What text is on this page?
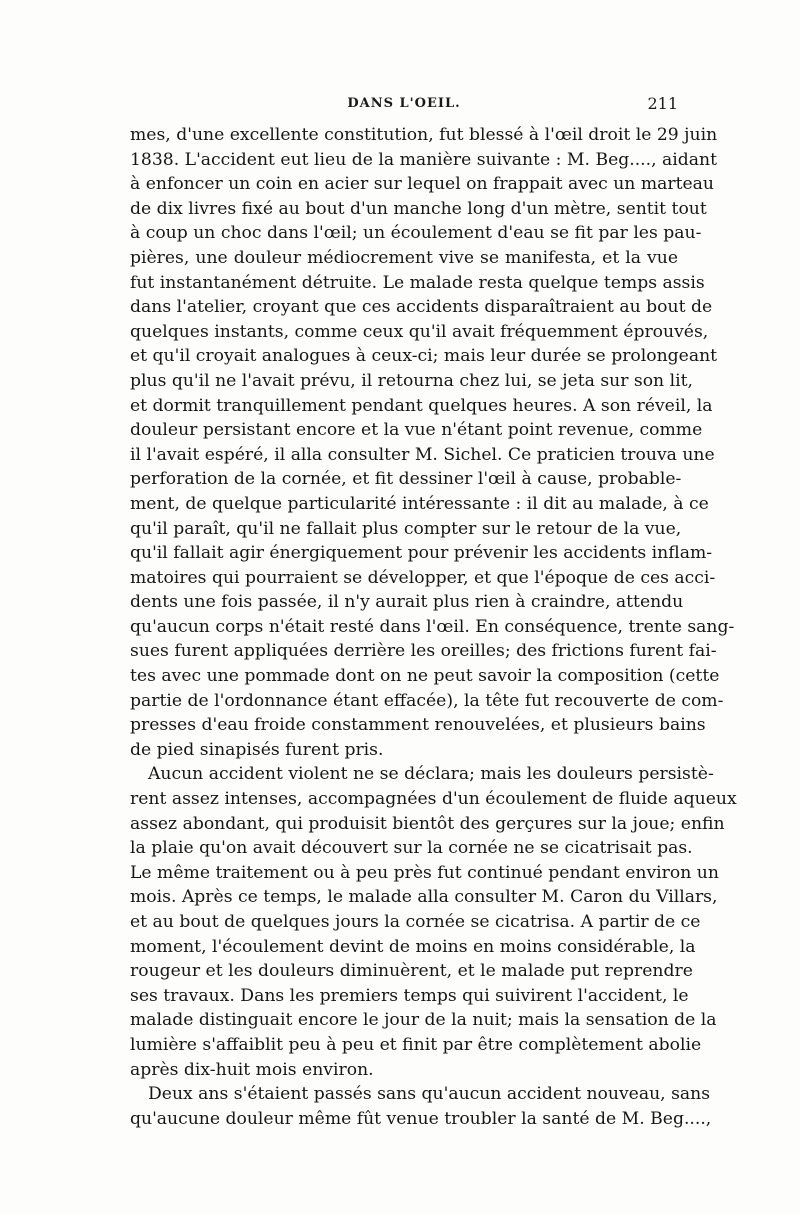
DANS L'OEIL.	211
mes, d'une excellente constitution, fut blessé à l'œil droit le 29 juin
1838. L'accident eut lieu de la manière suivante : M. Beg...., aidant
à enfoncer un coin en acier sur lequel on frappait avec un marteau
de dix livres fixé au bout d'un manche long d'un mètre, sentit tout
à coup un choc dans l'œil; un écoulement d'eau se fit par les pau-
pières, une douleur médiocrement vive se manifesta, et la vue
fut instantanément détruite. Le malade resta quelque temps assis
dans l'atelier, croyant que ces accidents disparaîtraient au bout de
quelques instants, comme ceux qu'il avait fréquemment éprouvés,
et qu'il croyait analogues à ceux-ci; mais leur durée se prolongeant
plus qu'il ne l'avait prévu, il retourna chez lui, se jeta sur son lit,
et dormit tranquillement pendant quelques heures. A son réveil, la
douleur persistant encore et la vue n'étant point revenue, comme
il l'avait espéré, il alla consulter M. Sichel. Ce praticien trouva une
perforation de la cornée, et fit dessiner l'œil à cause, probable-
ment, de quelque particularité intéressante : il dit au malade, à ce
qu'il paraît, qu'il ne fallait plus compter sur le retour de la vue,
qu'il fallait agir énergiquement pour prévenir les accidents inflam-
matoires qui pourraient se développer, et que l'époque de ces acci-
dents une fois passée, il n'y aurait plus rien à craindre, attendu
qu'aucun corps n'était resté dans l'œil. En conséquence, trente sang-
sues furent appliquées derrière les oreilles; des frictions furent fai-
tes avec une pommade dont on ne peut savoir la composition (cette
partie de l'ordonnance étant effacée), la tête fut recouverte de com-
presses d'eau froide constamment renouvelées, et plusieurs bains
de pied sinapisés furent pris.
Aucun accident violent ne se déclara; mais les douleurs persistè-
rent assez intenses, accompagnées d'un écoulement de fluide aqueux
assez abondant, qui produisit bientôt des gerçures sur la joue; enfin
la plaie qu'on avait découvert sur la cornée ne se cicatrisait pas.
Le même traitement ou à peu près fut continué pendant environ un
mois. Après ce temps, le malade alla consulter M. Caron du Villars,
et au bout de quelques jours la cornée se cicatrisa. A partir de ce
moment, l'écoulement devint de moins en moins considérable, la
rougeur et les douleurs diminuèrent, et le malade put reprendre
ses travaux. Dans les premiers temps qui suivirent l'accident, le
malade distinguait encore le jour de la nuit; mais la sensation de la
lumière s'affaiblit peu à peu et finit par être complètement abolie
après dix-huit mois environ.
Deux ans s'étaient passés sans qu'aucun accident nouveau, sans
qu'aucune douleur même fût venue troubler la santé de M. Beg....,
